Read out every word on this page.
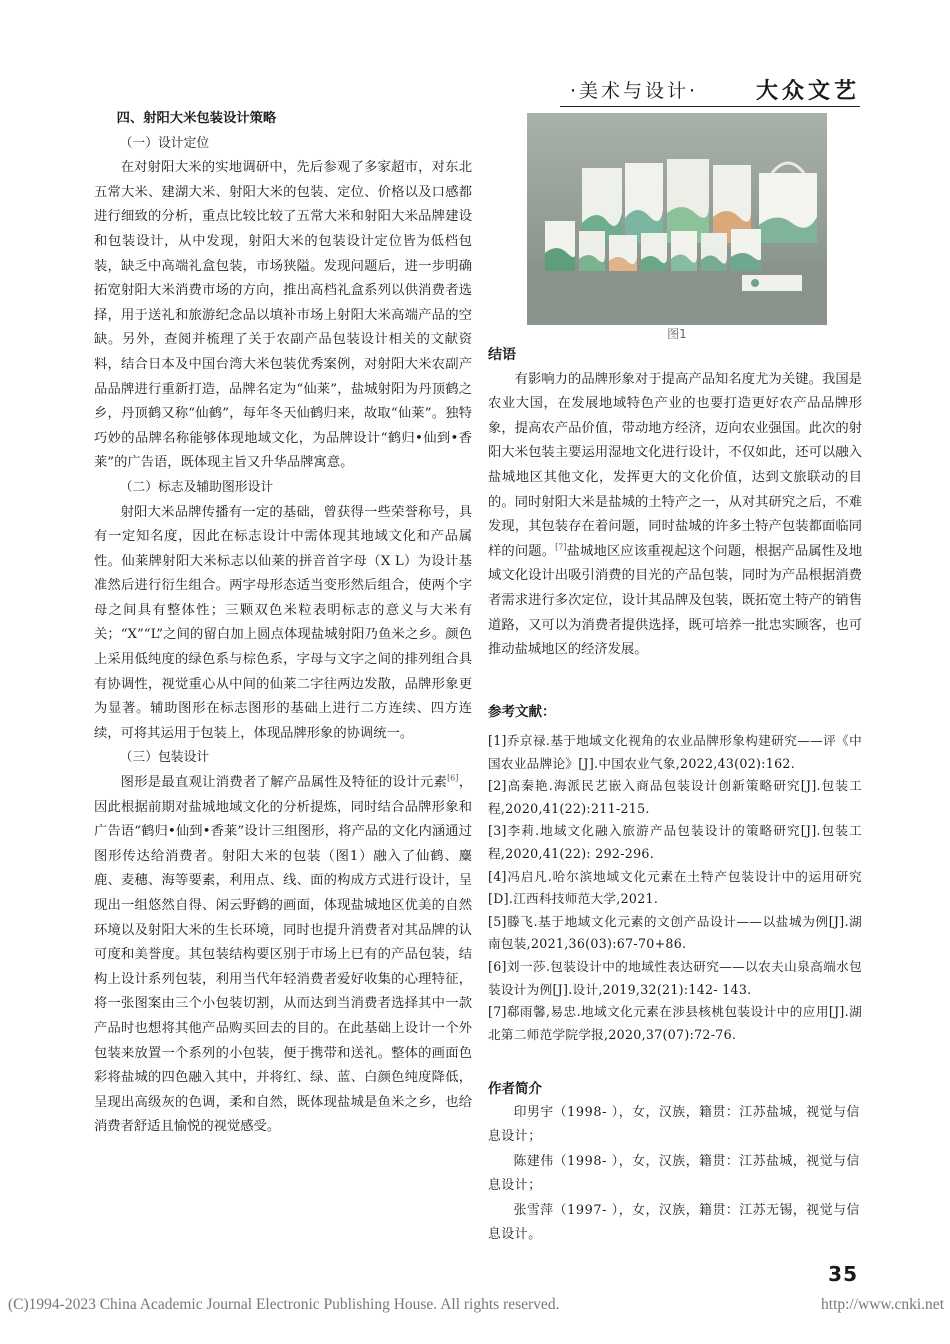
·美术与设计·	大众文艺

四、射阳大米包装设计策略

（一）设计定位

在对射阳大米的实地调研中，先后参观了多家超市，对东北五常大米、建湖大米、射阳大米的包装、定位、价格以及口感都进行细致的分析，重点比较比较了五常大米和射阳大米品牌建设和包装设计，从中发现，射阳大米的包装设计定位皆为低档包装，缺乏中高端礼盒包装，市场狭隘。发现问题后，进一步明确拓宽射阳大米消费市场的方向，推出高档礼盒系列以供消费者选择，用于送礼和旅游纪念品以填补市场上射阳大米高端产品的空缺。另外，查阅并梳理了关于农副产品包装设计相关的文献资料，结合日本及中国台湾大米包装优秀案例，对射阳大米农副产品品牌进行重新打造，品牌名定为“仙莱”，盐城射阳为丹顶鹤之乡，丹顶鹤又称“仙鹤”，每年冬天仙鹤归来，故取“仙莱”。独特巧妙的品牌名称能够体现地域文化，为品牌设计“鹤归•仙到•香莱”的广告语，既体现主旨又升华品牌寓意。

（二）标志及辅助图形设计

射阳大米品牌传播有一定的基础，曾获得一些荣誉称号，具有一定知名度，因此在标志设计中需体现其地域文化和产品属性。仙莱牌射阳大米标志以仙莱的拼音首字母（X L）为设计基准然后进行衍生组合。两字母形态适当变形然后组合，使两个字母之间具有整体性；三颗双色米粒表明标志的意义与大米有关；“X”“L”之间的留白加上圆点体现盐城射阳乃鱼米之乡。颜色上采用低纯度的绿色系与棕色系，字母与文字之间的排列组合具有协调性，视觉重心从中间的仙莱二字往两边发散，品牌形象更为显著。辅助图形在标志图形的基础上进行二方连续、四方连续，可将其运用于包装上，体现品牌形象的协调统一。

（三）包装设计

图形是最直观让消费者了解产品属性及特征的设计元素[6]，因此根据前期对盐城地域文化的分析提炼，同时结合品牌形象和广告语“鹤归•仙到•香莱”设计三组图形，将产品的文化内涵通过图形传达给消费者。射阳大米的包装（图1）融入了仙鹤、麋鹿、麦穗、海等要素，利用点、线、面的构成方式进行设计，呈现出一组悠然自得、闲云野鹤的画面，体现盐城地区优美的自然环境以及射阳大米的生长环境，同时也提升消费者对其品牌的认可度和美誉度。其包装结构要区别于市场上已有的产品包装，结构上设计系列包装，利用当代年轻消费者爱好收集的心理特征，将一张图案由三个小包装切割，从而达到当消费者选择其中一款产品时也想将其他产品购买回去的目的。在此基础上设计一个外包装来放置一个系列的小包装，便于携带和送礼。整体的画面色彩将盐城的四色融入其中，并将红、绿、蓝、白颜色纯度降低，呈现出高级灰的色调，柔和自然，既体现盐城是鱼米之乡，也给消费者舒适且愉悦的视觉感受。

图1

结语

有影响力的品牌形象对于提高产品知名度尤为关键。我国是农业大国，在发展地域特色产业的也要打造更好农产品品牌形象，提高农产品价值，带动地方经济，迈向农业强国。此次的射阳大米包装主要运用湿地文化进行设计，不仅如此，还可以融入盐城地区其他文化，发挥更大的文化价值，达到文旅联动的目的。同时射阳大米是盐城的土特产之一，从对其研究之后，不难发现，其包装存在着问题，同时盐城的许多土特产包装都面临同样的问题。[7]盐城地区应该重视起这个问题，根据产品属性及地域文化设计出吸引消费的目光的产品包装，同时为产品根据消费者需求进行多次定位，设计其品牌及包装，既拓宽土特产的销售道路，又可以为消费者提供选择，既可培养一批忠实顾客，也可推动盐城地区的经济发展。

参考文献：

[1]乔京禄.基于地域文化视角的农业品牌形象构建研究——评《中国农业品牌论》[J].中国农业气象,2022,43(02):162.

[2]高秦艳.海派民艺嵌入商品包装设计创新策略研究[J].包装工程,2020,41(22):211-215.

[3]李莉.地域文化融入旅游产品包装设计的策略研究[J].包装工程,2020,41(22): 292-296.

[4]冯启凡.哈尔滨地域文化元素在土特产包装设计中的运用研究[D].江西科技师范大学,2021.

[5]滕飞.基于地域文化元素的文创产品设计——以盐城为例[J].湖南包装,2021,36(03):67-70+86.

[6]刘一莎.包装设计中的地域性表达研究——以农夫山泉高端水包装设计为例[J].设计,2019,32(21):142- 143.

[7]郗雨馨,易忠.地域文化元素在涉县核桃包装设计中的应用[J].湖北第二师范学院学报,2020,37(07):72-76.

作者简介

印男宇（1998- ），女，汉族，籍贯：江苏盐城，视觉与信息设计；

陈建伟（1998- ），女，汉族，籍贯：江苏盐城，视觉与信息设计；

张雪萍（1997- ），女，汉族，籍贯：江苏无锡，视觉与信息设计。

35
(C)1994-2023 China Academic Journal Electronic Publishing House. All rights reserved.	http://www.cnki.net
